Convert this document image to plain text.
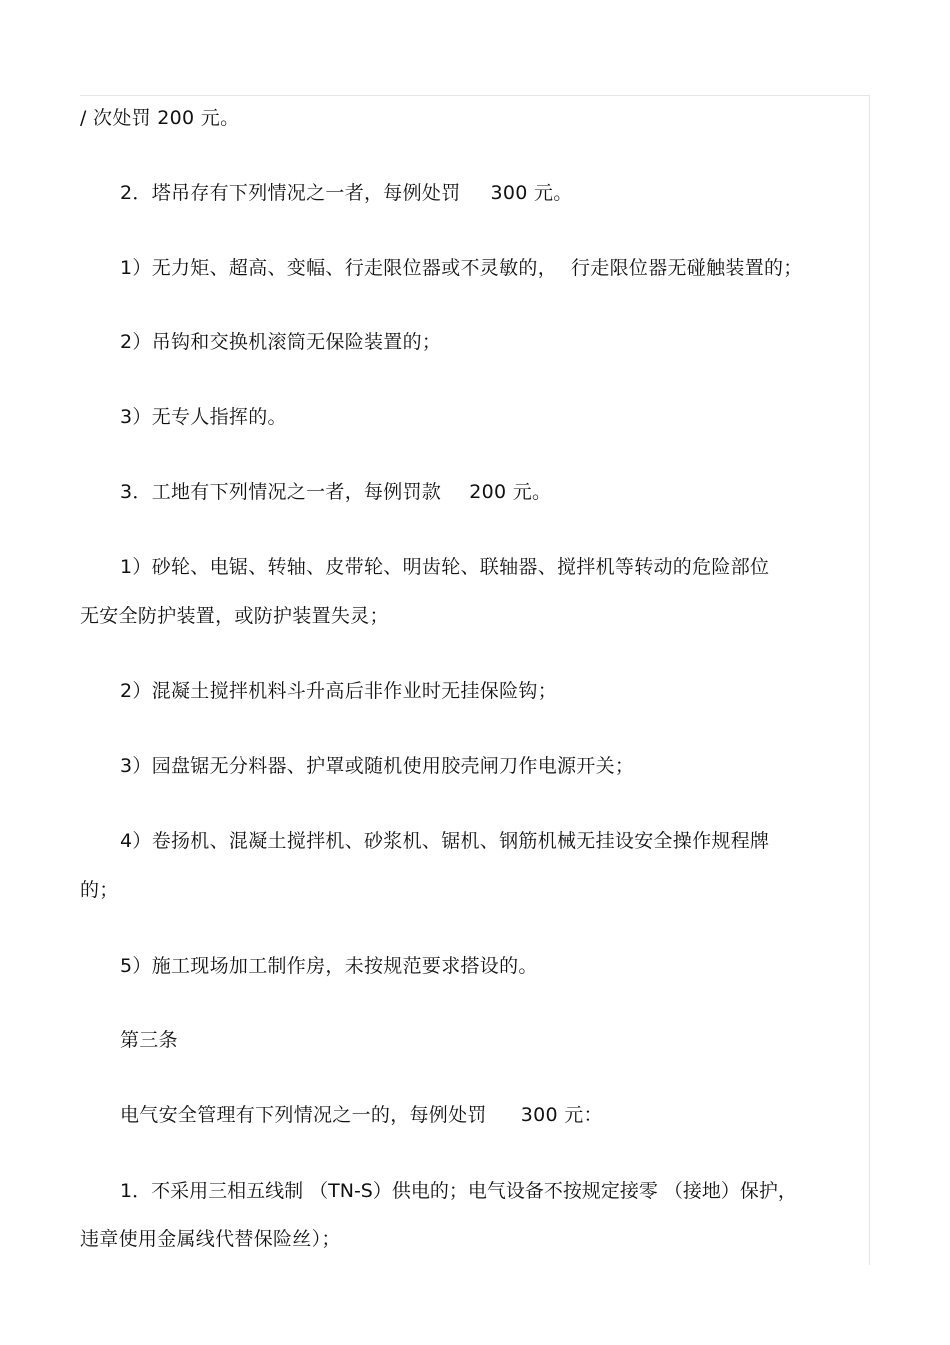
/ 次处罚 200 元。
2．塔吊存有下列情况之一者，每例处罚 300 元。
1）无力矩、超高、变幅、行走限位器或不灵敏的， 行走限位器无碰触装置的；
2）吊钩和交换机滚筒无保险装置的；
3）无专人指挥的。
3．工地有下列情况之一者，每例罚款 200 元。
1）砂轮、电锯、转轴、皮带轮、明齿轮、联轴器、搅拌机等转动的危险部位
无安全防护装置，或防护装置失灵；
2）混凝土搅拌机料斗升高后非作业时无挂保险钩；
3）园盘锯无分料器、护罩或随机使用胶壳闸刀作电源开关；
4）卷扬机、混凝土搅拌机、砂浆机、锯机、钢筋机械无挂设安全操作规程牌
的；
5）施工现场加工制作房，未按规范要求搭设的。
第三条
电气安全管理有下列情况之一的，每例处罚 300 元：
1．不采用三相五线制 （TN-S）供电的；电气设备不按规定接零 （接地）保护，
违章使用金属线代替保险丝）；
